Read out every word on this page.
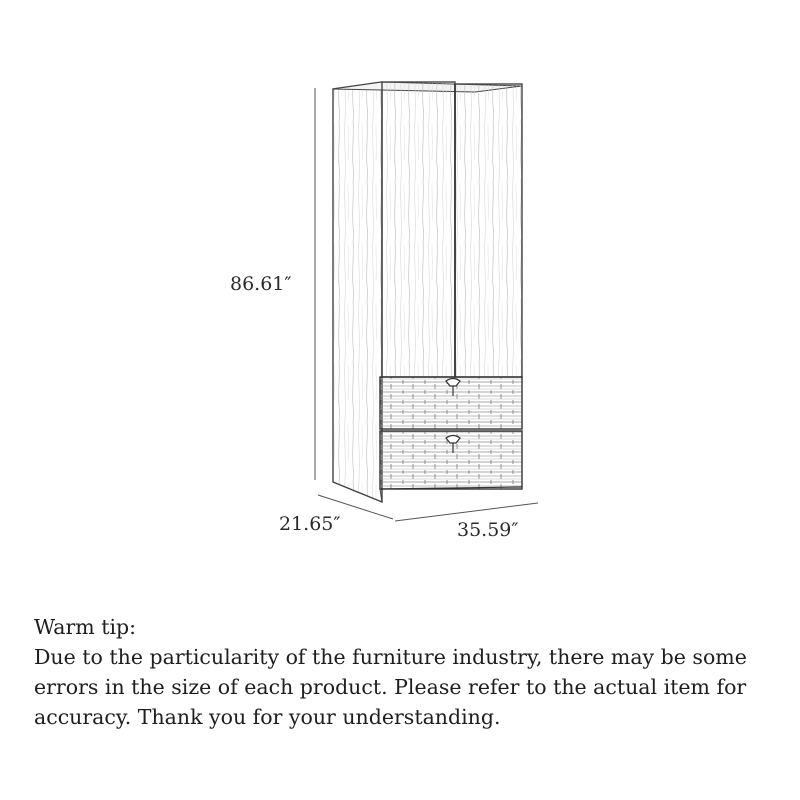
86.61″
21.65″	35.59″

Warm tip:

Due to the particularity of the furniture industry, there may be some errors in the size of each product. Please refer to the actual item for accuracy. Thank you for your understanding.
